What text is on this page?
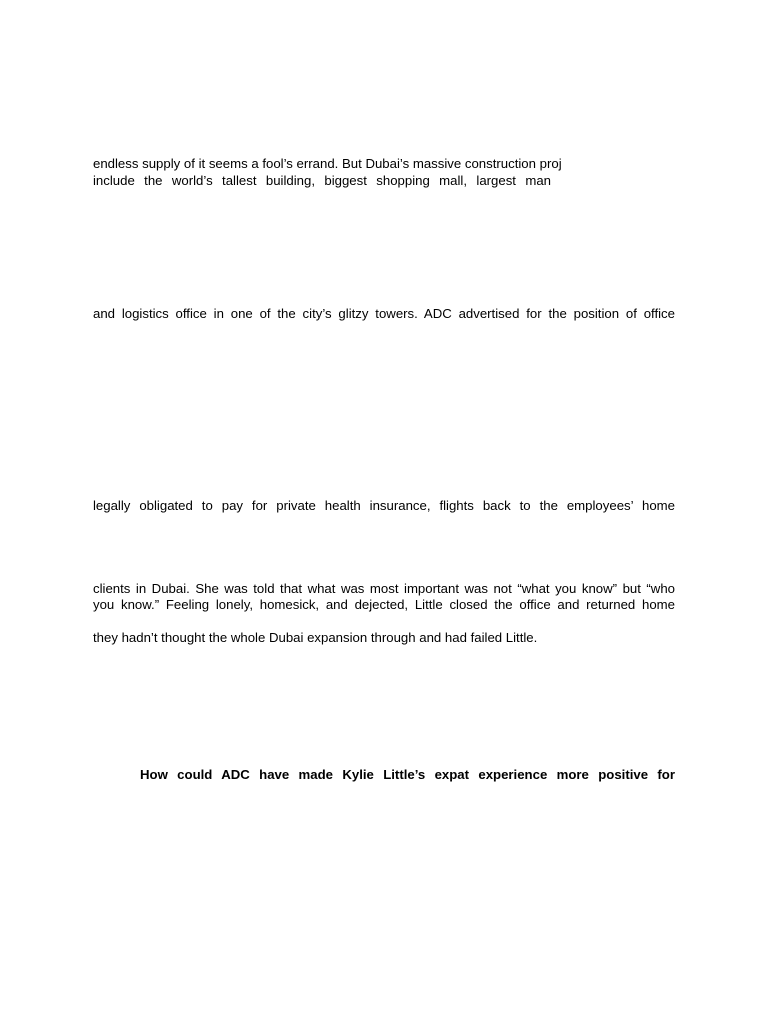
endless supply of it seems a fool’s errand. But Dubai’s massive construction proj
include the world’s tallest building, biggest shopping mall, largest man
and logistics office in one of the city’s glitzy towers. ADC advertised for the position of office
legally obligated to pay for private health insurance, flights back to the employees’ home
clients in Dubai. She was told that what was most important was not “what you know” but “who
you know.” Feeling lonely, homesick, and dejected, Little closed the office and returned home
they hadn’t thought the whole Dubai expansion through and had failed Little.
How could ADC have made Kylie Little’s expat experience more positive for
